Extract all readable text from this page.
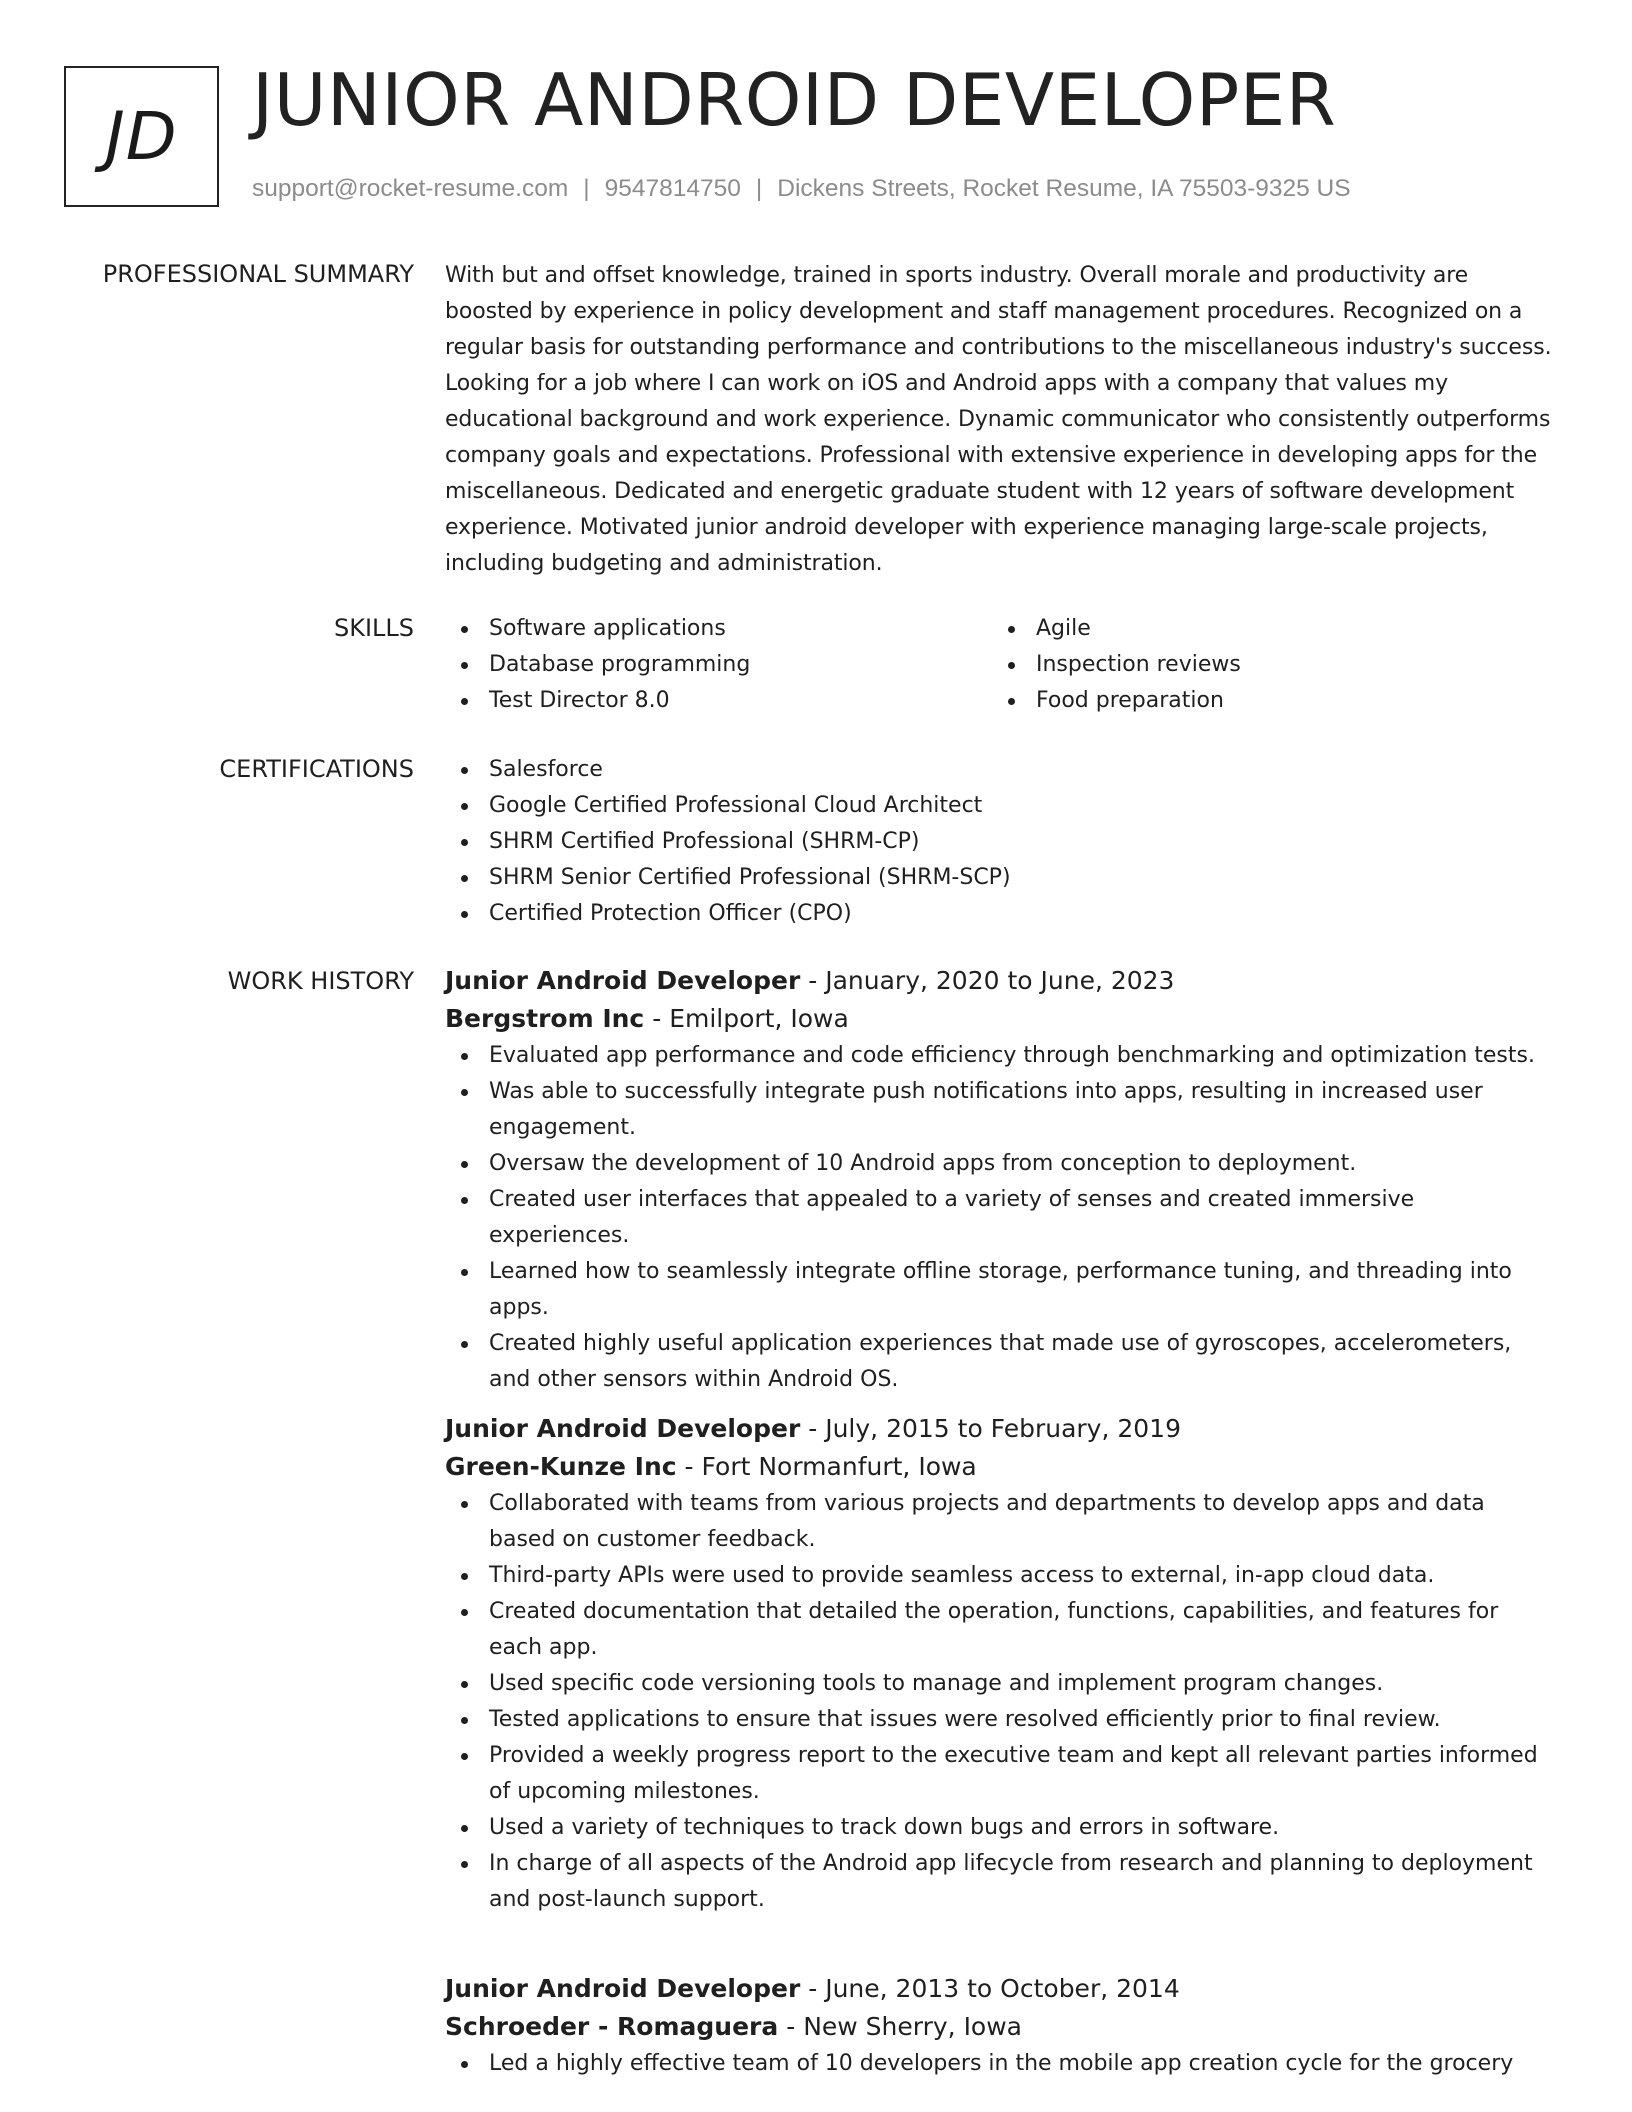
JD	JUNIOR ANDROID DEVELOPER
support@rocket-resume.com | 9547814750 | Dickens Streets, Rocket Resume, IA 75503-9325 US
PROFESSIONAL SUMMARY With but and offset knowledge, trained in sports industry. Overall morale and productivity are boosted by experience in policy development and staff management procedures. Recognized on a regular basis for outstanding performance and contributions to the miscellaneous industry's success. Looking for a job where I can work on iOS and Android apps with a company that values my educational background and work experience. Dynamic communicator who consistently outperforms company goals and expectations. Professional with extensive experience in developing apps for the miscellaneous. Dedicated and energetic graduate student with 12 years of software development experience. Motivated junior android developer with experience managing large-scale projects, including budgeting and administration.

SKILLS	Software applications
Database programming
Test Director 8.0
Agile
Inspection reviews
Food preparation
CERTIFICATIONS	Salesforce
Google Certified Professional Cloud Architect
SHRM Certified Professional (SHRM-CP)
SHRM Senior Certified Professional (SHRM-SCP)
Certified Protection Officer (CPO)
WORK HISTORY Junior Android Developer - January, 2020 to June, 2023
Bergstrom Inc - Emilport, Iowa
Evaluated app performance and code efficiency through benchmarking and optimization tests.
Was able to successfully integrate push notifications into apps, resulting in increased user engagement.
Oversaw the development of 10 Android apps from conception to deployment.
Created user interfaces that appealed to a variety of senses and created immersive experiences.
Learned how to seamlessly integrate offline storage, performance tuning, and threading into apps.
Created highly useful application experiences that made use of gyroscopes, accelerometers, and other sensors within Android OS.
Junior Android Developer - July, 2015 to February, 2019
Green-Kunze Inc - Fort Normanfurt, Iowa
Collaborated with teams from various projects and departments to develop apps and data based on customer feedback.
Third-party APIs were used to provide seamless access to external, in-app cloud data.
Created documentation that detailed the operation, functions, capabilities, and features for each app.
Used specific code versioning tools to manage and implement program changes.
Tested applications to ensure that issues were resolved efficiently prior to final review.
Provided a weekly progress report to the executive team and kept all relevant parties informed of upcoming milestones.
Used a variety of techniques to track down bugs and errors in software.
In charge of all aspects of the Android app lifecycle from research and planning to deployment and post-launch support.
Junior Android Developer - June, 2013 to October, 2014
Schroeder - Romaguera - New Sherry, Iowa
Led a highly effective team of 10 developers in the mobile app creation cycle for the grocery
